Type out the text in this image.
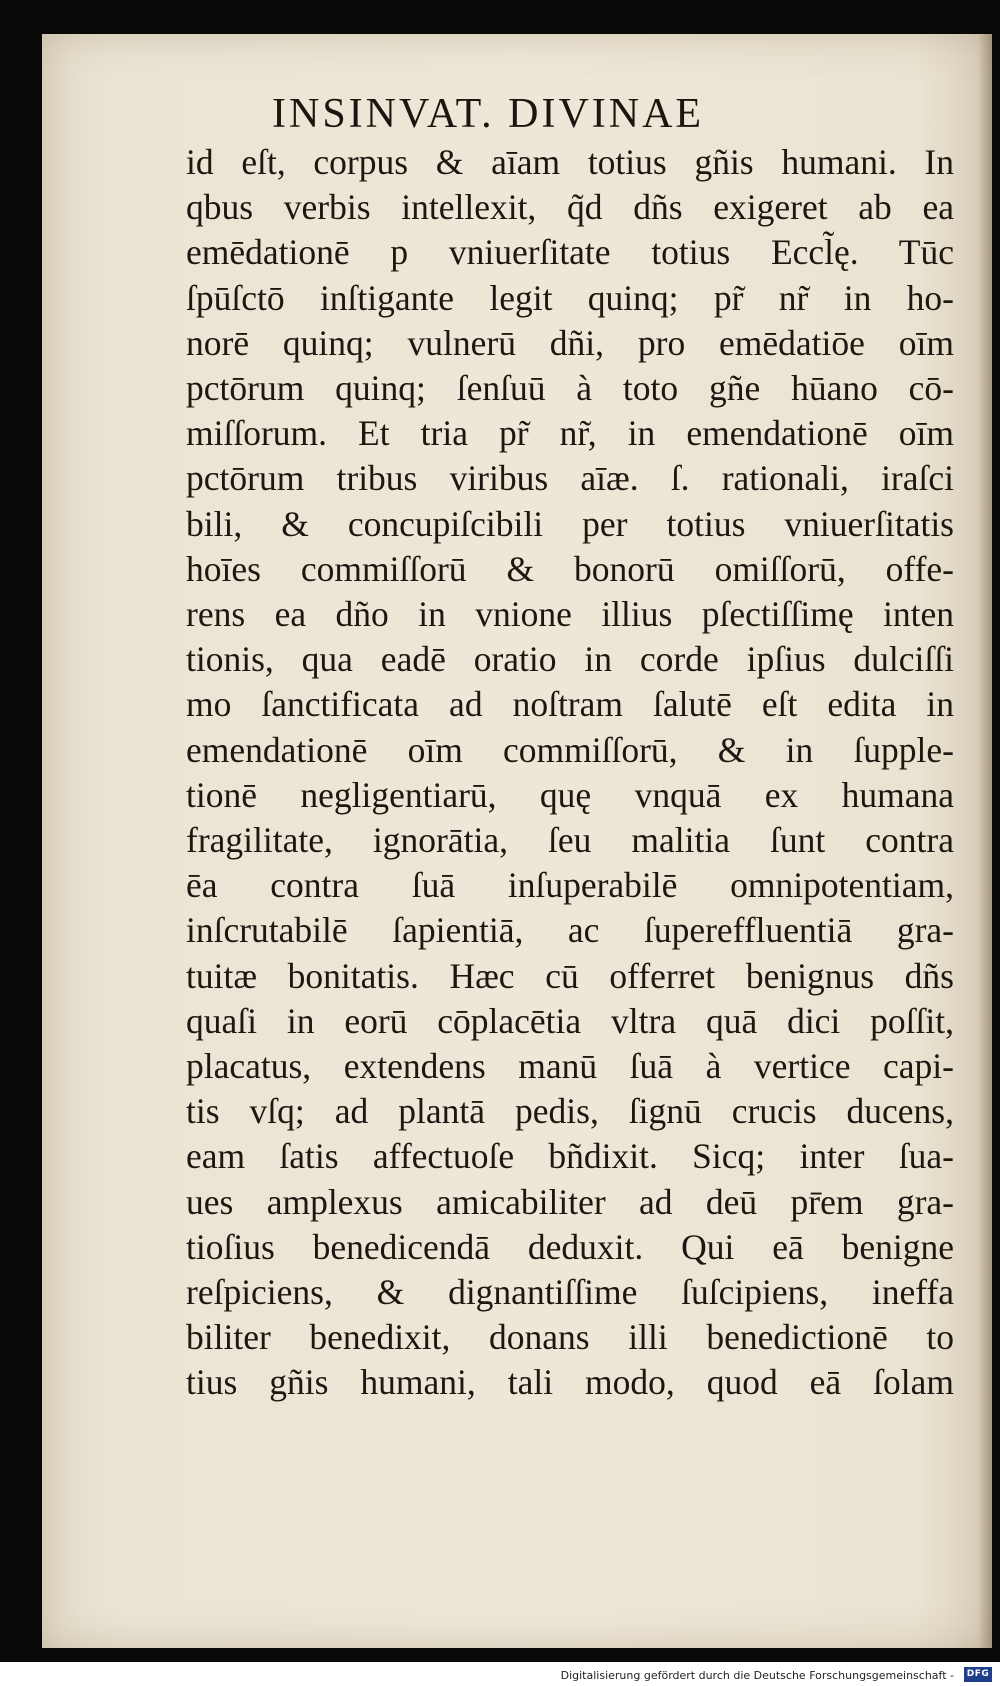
INSINVAT. DIVINAE
id eſt, corpus & aīam totius gñis humani. In
qbus verbis intellexit, q̃d dñs exigeret ab ea
emēdationē p vniuerſitate totius Eccl̃ę. Tūc
ſpūſctō inſtigante legit quinq; pr̃ nr̃ in ho-
norē quinq; vulnerū dñi, pro emēdatiōe oīm
pctōrum quinq; ſenſuū à toto gñe hūano cō-
miſſorum. Et tria pr̃ nr̃, in emendationē oīm
pctōrum tribus viribus aīæ. ſ. rationali, iraſci
bili, & concupiſcibili per totius vniuerſitatis
hoīes commiſſorū & bonorū omiſſorū, offe-
rens ea dño in vnione illius pſectiſſimę inten
tionis, qua eadē oratio in corde ipſius dulciſſi
mo ſanctificata ad noſtram ſalutē eſt edita in
emendationē oīm commiſſorū, & in ſupple-
tionē negligentiarū, quę vnquā ex humana
fragilitate, ignorātia, ſeu malitia ſunt contra
ēa contra ſuā inſuperabilē omnipotentiam,
inſcrutabilē ſapientiā, ac ſupereffluentiā gra-
tuitæ bonitatis. Hæc cū offerret benignus dñs
quaſi in eorū cōplacētia vltra quā dici poſſit,
placatus, extendens manū ſuā à vertice capi-
tis vſq; ad plantā pedis, ſignū crucis ducens,
eam ſatis affectuoſe bñdixit. Sicq; inter ſua-
ues amplexus amicabiliter ad deū pr̄em gra-
tioſius benedicendā deduxit. Qui eā benigne
reſpiciens, & dignantiſſime ſuſcipiens, ineffa
biliter benedixit, donans illi benedictionē to
tius gñis humani, tali modo, quod eā ſolam
Digitalisierung gefördert durch die Deutsche Forschungsgemeinschaft -	DFG
